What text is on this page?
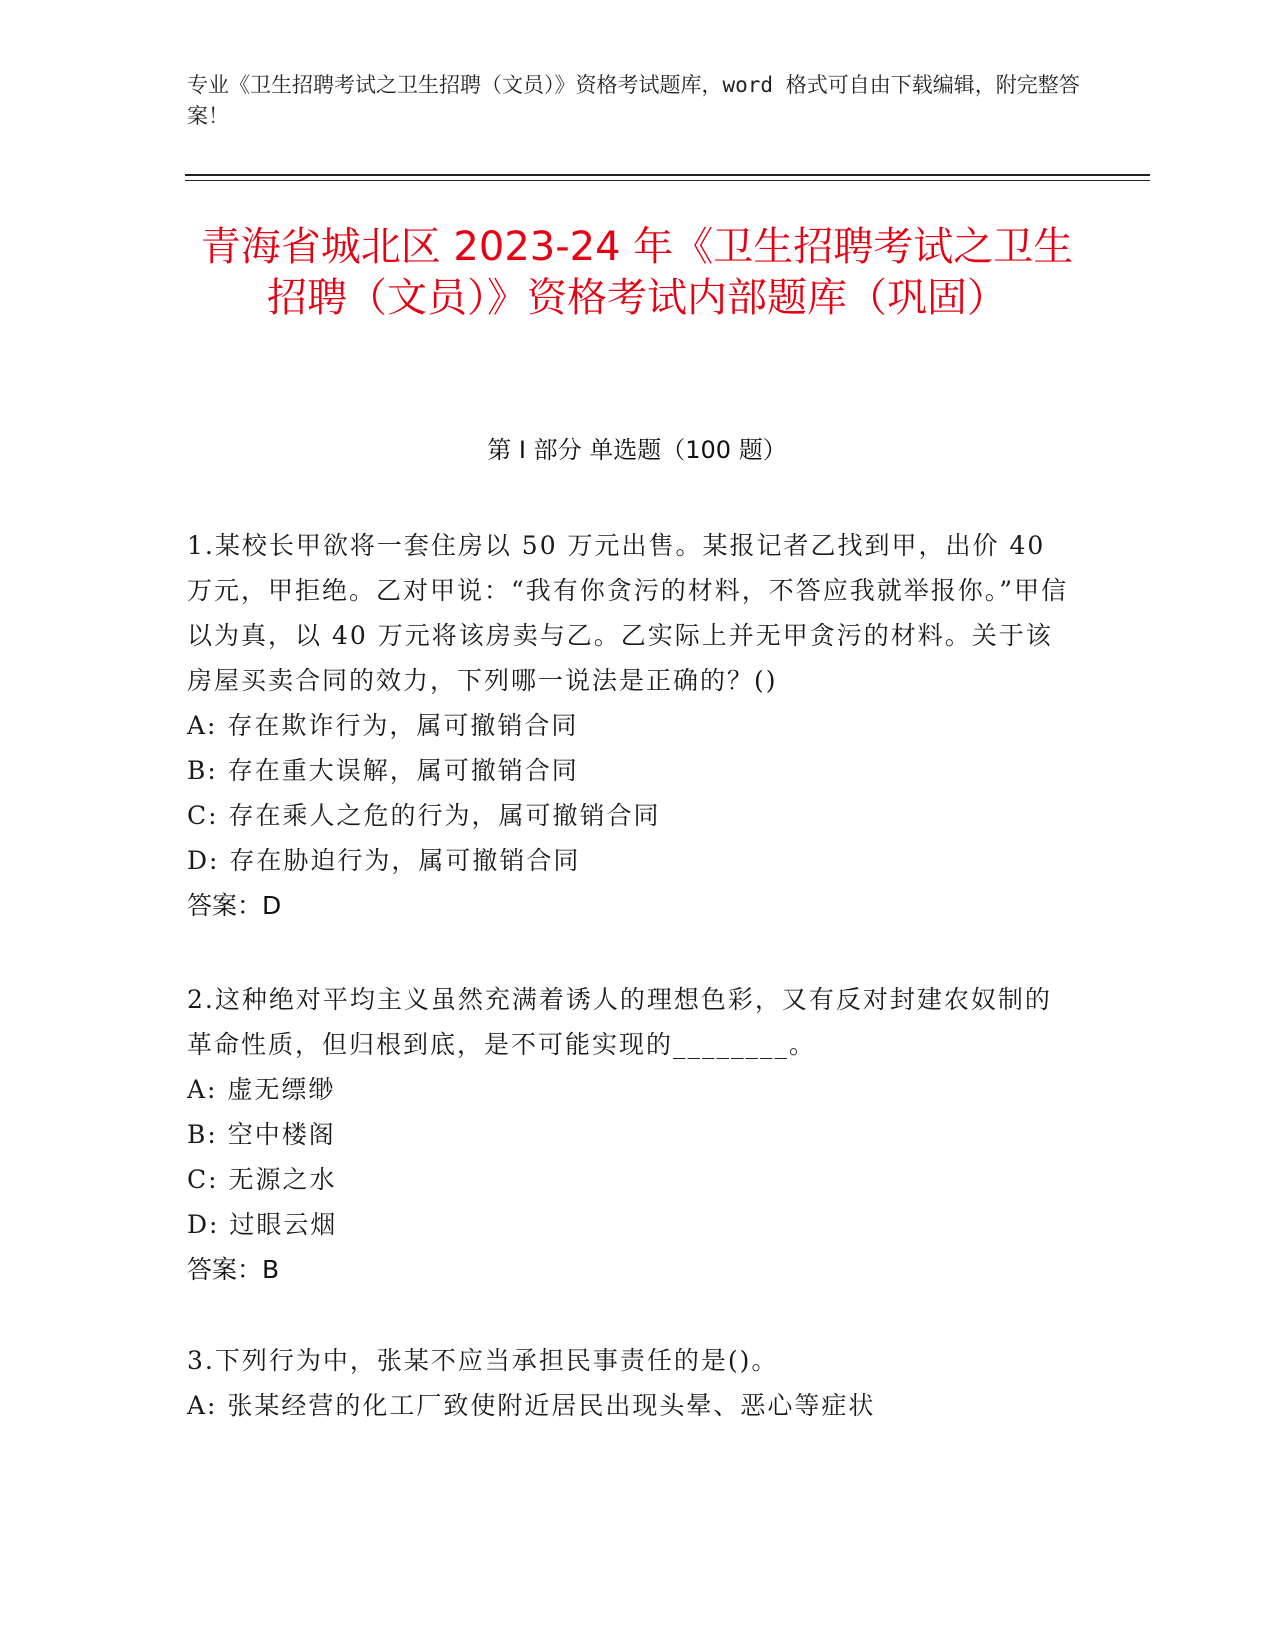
专业《卫生招聘考试之卫生招聘（文员）》资格考试题库，word 格式可自由下载编辑，附完整答案！
青海省城北区 2023-24 年《卫生招聘考试之卫生招聘（文员）》资格考试内部题库（巩固）
第 I 部分 单选题（100 题）

1.某校长甲欲将一套住房以 50 万元出售。某报记者乙找到甲，出价 40 万元，甲拒绝。乙对甲说：“我有你贪污的材料，不答应我就举报你。”甲信以为真，以 40 万元将该房卖与乙。乙实际上并无甲贪污的材料。关于该房屋买卖合同的效力，下列哪一说法是正确的？()

A: 存在欺诈行为，属可撤销合同

B: 存在重大误解，属可撤销合同

C: 存在乘人之危的行为，属可撤销合同

D: 存在胁迫行为，属可撤销合同

答案：D

2.这种绝对平均主义虽然充满着诱人的理想色彩，又有反对封建农奴制的革命性质，但归根到底，是不可能实现的________。

A: 虚无缥缈

B: 空中楼阁

C: 无源之水

D: 过眼云烟

答案：B

3.下列行为中，张某不应当承担民事责任的是()。

A: 张某经营的化工厂致使附近居民出现头晕、恶心等症状
